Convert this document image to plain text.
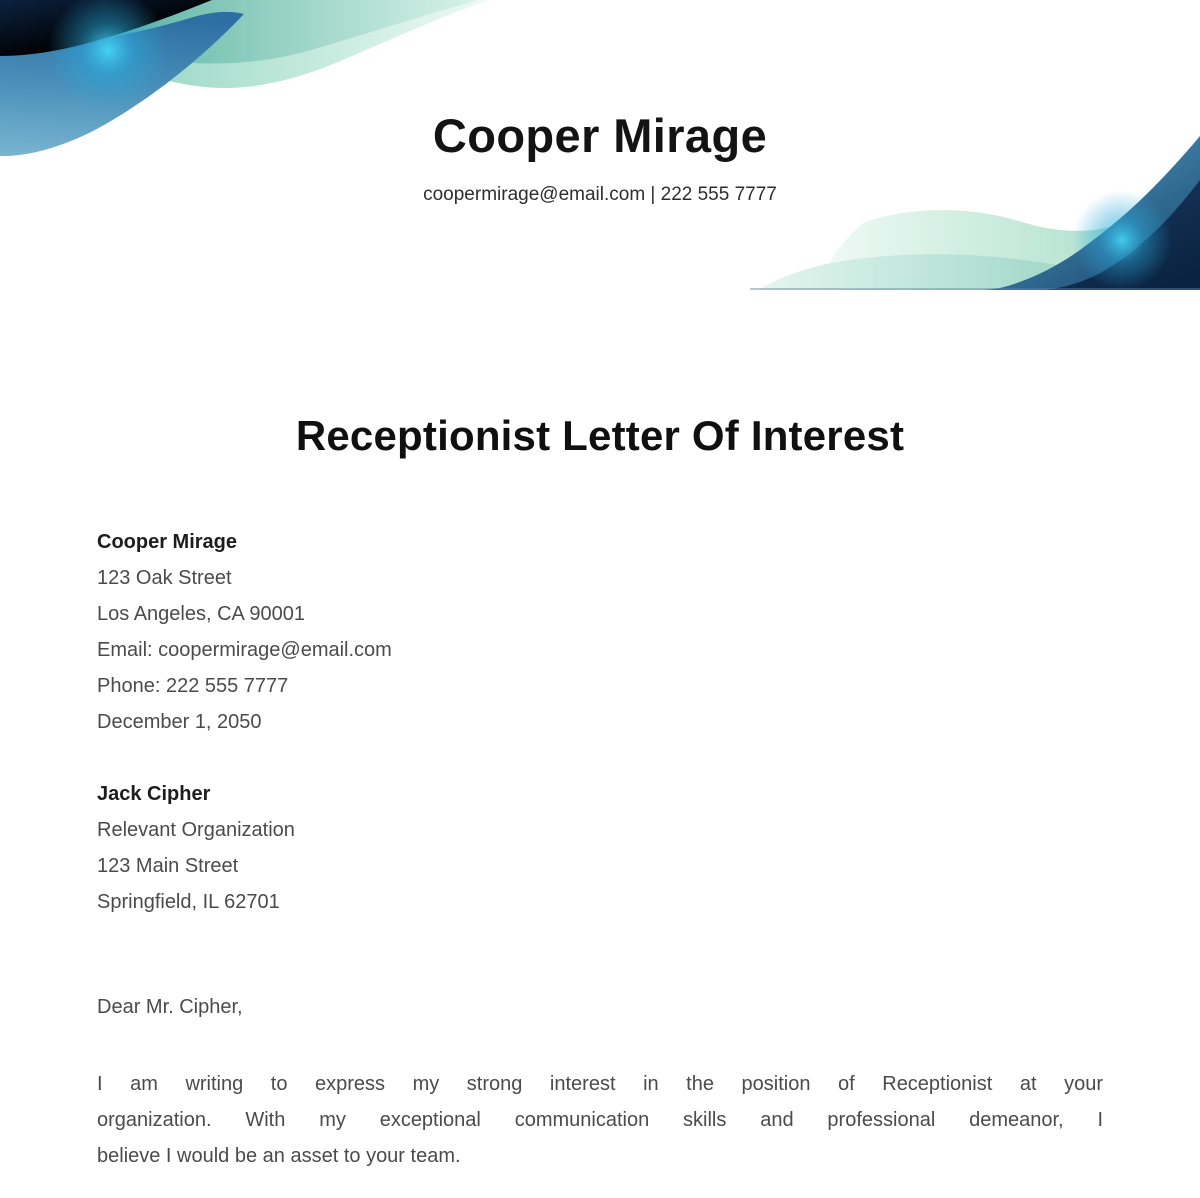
Cooper Mirage
coopermirage@email.com | 222 555 7777
Receptionist Letter Of Interest
Cooper Mirage
123 Oak Street
Los Angeles, CA 90001
Email: coopermirage@email.com
Phone: 222 555 7777
December 1, 2050
Jack Cipher
Relevant Organization
123 Main Street
Springfield, IL 62701
Dear Mr. Cipher,
I am writing to express my strong interest in the position of Receptionist at your
organization. With my exceptional communication skills and professional demeanor, I
believe I would be an asset to your team.
